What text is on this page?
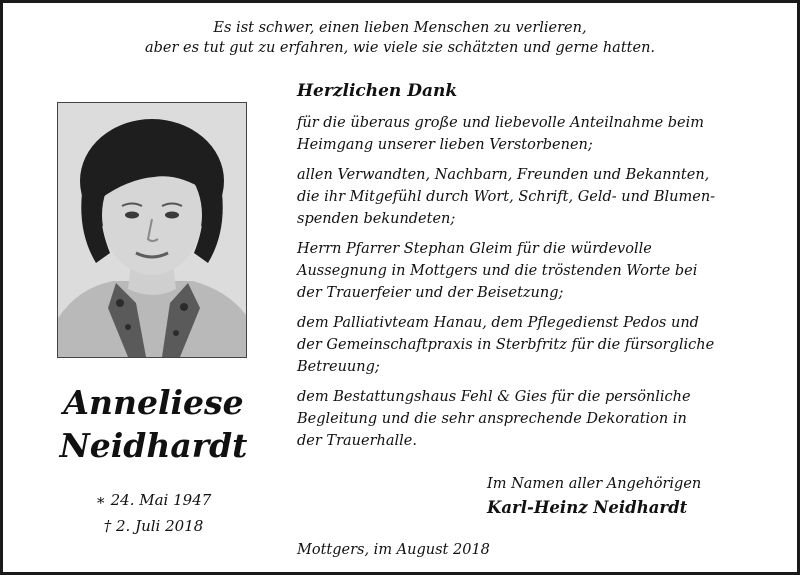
Es ist schwer, einen lieben Menschen zu verlieren,
aber es tut gut zu erfahren, wie viele sie schätzten und gerne hatten.
Anneliese
Neidhardt
∗ 24. Mai 1947
† 2. Juli 2018
Herzlichen Dank
für die überaus große und liebevolle Anteilnahme beim
Heimgang unserer lieben Verstorbenen;
allen Verwandten, Nachbarn, Freunden und Bekannten,
die ihr Mitgefühl durch Wort, Schrift, Geld- und Blumen-
spenden bekundeten;
Herrn Pfarrer Stephan Gleim für die würdevolle
Aussegnung in Mottgers und die tröstenden Worte bei
der Trauerfeier und der Beisetzung;
dem Palliativteam Hanau, dem Pflegedienst Pedos und
der Gemeinschaftpraxis in Sterbfritz für die fürsorgliche
Betreuung;
dem Bestattungshaus Fehl & Gies für die persönliche
Begleitung und die sehr ansprechende Dekoration in
der Trauerhalle.
Im Namen aller Angehörigen
Karl-Heinz Neidhardt
Mottgers, im August 2018
